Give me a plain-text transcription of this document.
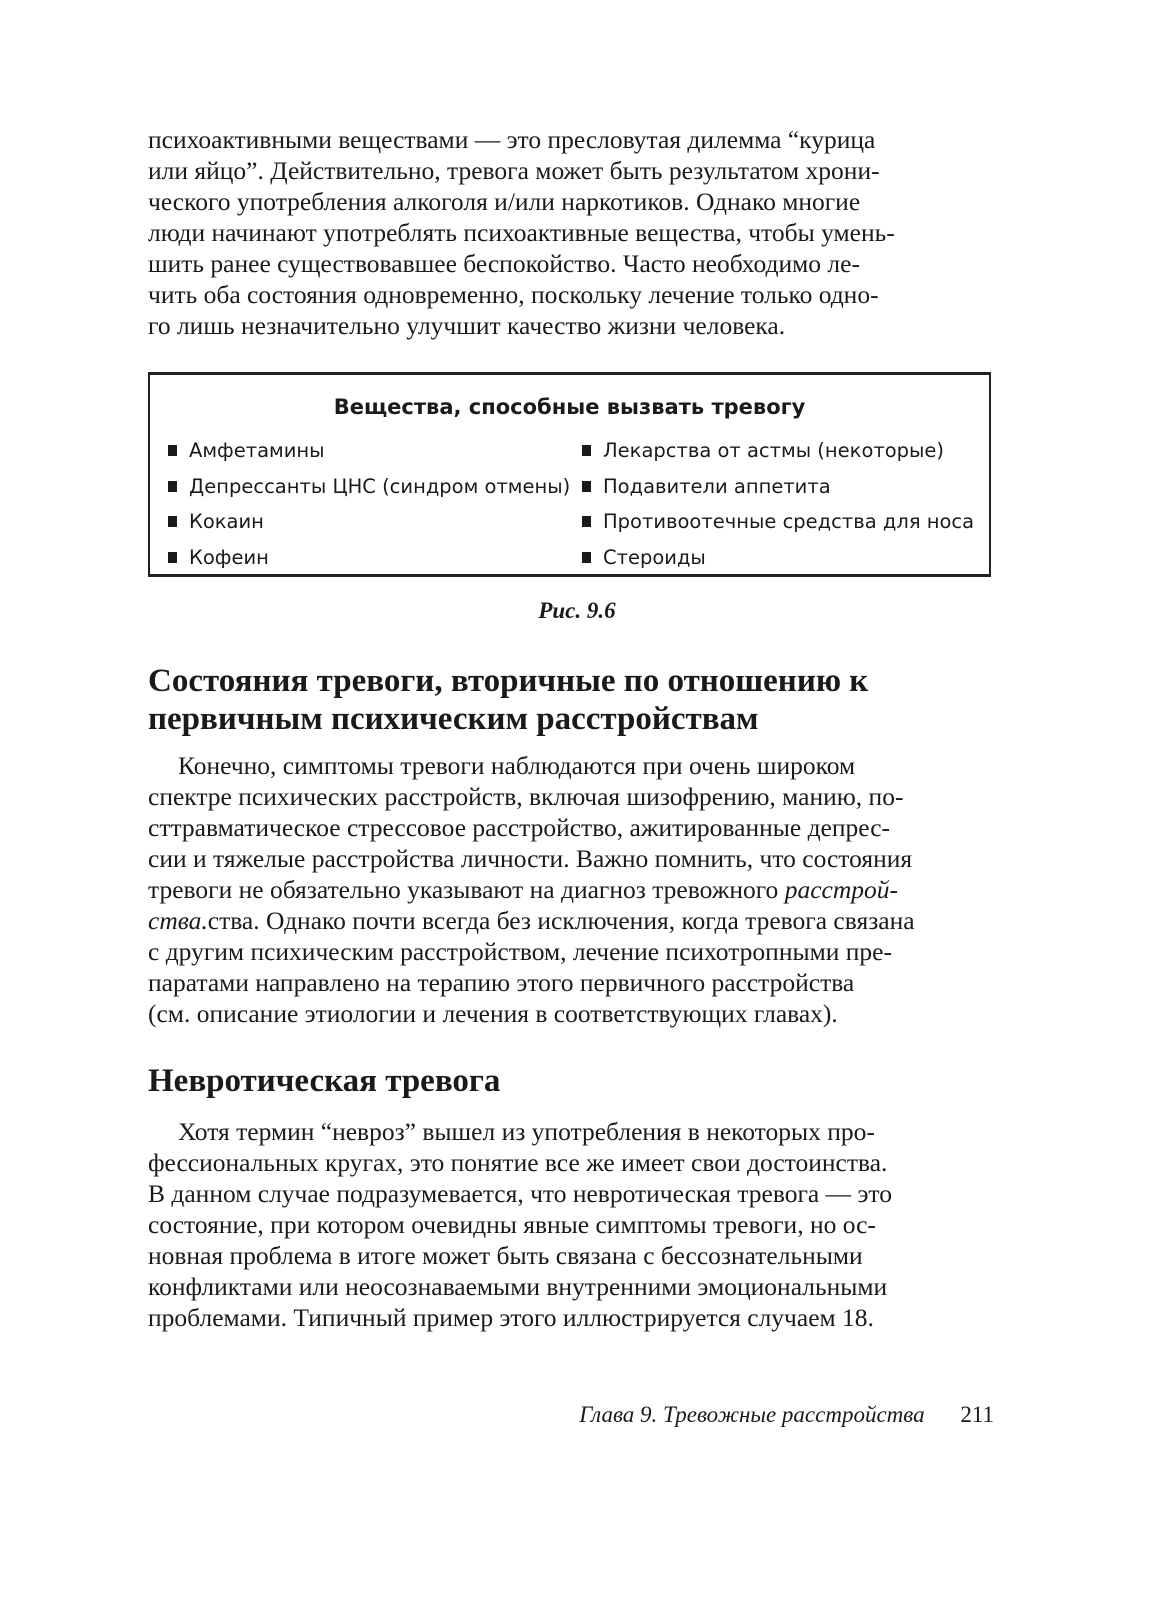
психоактивными веществами — это пресловутая дилемма “курица
или яйцо”. Действительно, тревога может быть результатом хрони-
ческого употребления алкоголя и/или наркотиков. Однако многие
люди начинают употреблять психоактивные вещества, чтобы умень-
шить ранее существовавшее беспокойство. Часто необходимо ле-
чить оба состояния одновременно, поскольку лечение только одно-
го лишь незначительно улучшит качество жизни человека.

Вещества, способные вызвать тревогу
Амфетамины
Депрессанты ЦНС (синдром отмены)
Кокаин
Кофеин
Лекарства от астмы (некоторые)
Подавители аппетита
Противоотечные средства для носа
Стероиды
Рис. 9.6
Состояния тревоги, вторичные по отношению к первичным психическим расстройствам

Конечно, симптомы тревоги наблюдаются при очень широком
спектре психических расстройств, включая шизофрению, манию, по-
сттравматическое стрессовое расстройство, ажитированные депрес-
сии и тяжелые расстройства личности. Важно помнить, что состояния
тревоги не обязательно указывают на диагноз тревожного расстрой-
ства.ства. Однако почти всегда без исключения, когда тревога связана
с другим психическим расстройством, лечение психотропными пре-
паратами направлено на терапию этого первичного расстройства
(см. описание этиологии и лечения в соответствующих главах).

Невротическая тревога

Хотя термин “невроз” вышел из употребления в некоторых про-
фессиональных кругах, это понятие все же имеет свои достоинства.
В данном случае подразумевается, что невротическая тревога — это
состояние, при котором очевидны явные симптомы тревоги, но ос-
новная проблема в итоге может быть связана с бессознательными
конфликтами или неосознаваемыми внутренними эмоциональными
проблемами. Типичный пример этого иллюстрируется случаем 18.

Глава 9. Тревожные расстройства 211
